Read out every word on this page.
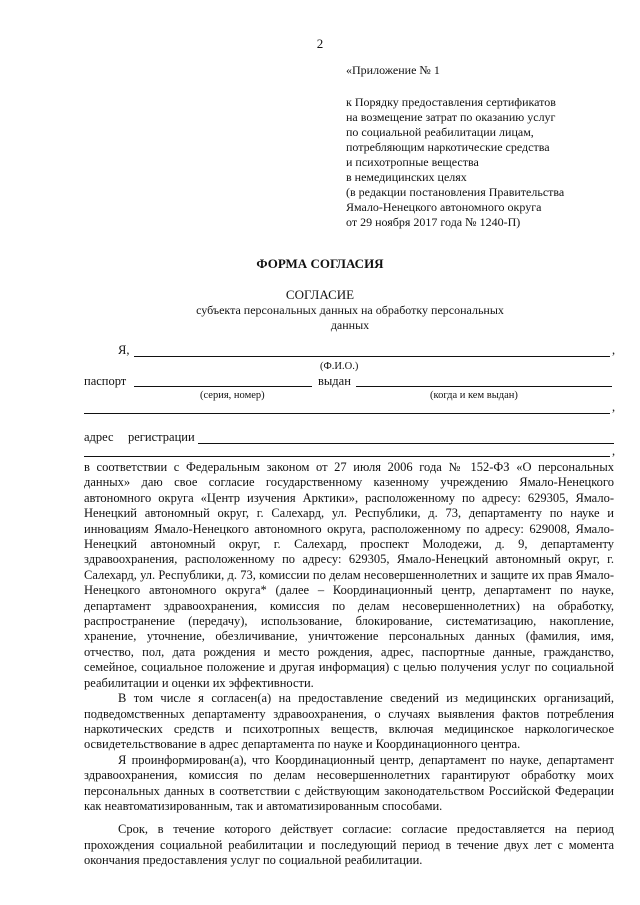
2
«Приложение № 1
к Порядку предоставления сертификатов
на возмещение затрат по оказанию услуг
по социальной реабилитации лицам,
потребляющим наркотические средства
и психотропные вещества
в немедицинских целях
(в редакции постановления Правительства
Ямало-Ненецкого автономного округа
от 29 ноября 2017 года № 1240-П)
ФОРМА СОГЛАСИЯ
СОГЛАСИЕ
субъекта персональных данных на обработку персональных
данных
Я,	,
(Ф.И.О.)
паспорт	выдан
(серия, номер)	(когда и кем выдан)
,
адрес регистрации
,

в соответствии с Федеральным законом от 27 июля 2006 года № 152-ФЗ «О персональных данных» даю свое согласие государственному казенному учреждению Ямало-Ненецкого автономного округа «Центр изучения Арктики», расположенному по адресу: 629305, Ямало-Ненецкий автономный округ, г. Салехард, ул. Республики, д. 73, департаменту по науке и инновациям Ямало-Ненецкого автономного округа, расположенному по адресу: 629008, Ямало-Ненецкий автономный округ, г. Салехард, проспект Молодежи, д. 9, департаменту здравоохранения, расположенному по адресу: 629305, Ямало-Ненецкий автономный округ, г. Салехард, ул. Республики, д. 73, комиссии по делам несовершеннолетних и защите их прав Ямало-Ненецкого автономного округа* (далее – Координационный центр, департамент по науке, департамент здравоохранения, комиссия по делам несовершеннолетних) на обработку, распространение (передачу), использование, блокирование, систематизацию, накопление, хранение, уточнение, обезличивание, уничтожение персональных данных (фамилия, имя, отчество, пол, дата рождения и место рождения, адрес, паспортные данные, гражданство, семейное, социальное положение и другая информация) с целью получения услуг по социальной реабилитации и оценки их эффективности.

В том числе я согласен(а) на предоставление сведений из медицинских организаций, подведомственных департаменту здравоохранения, о случаях выявления фактов потребления наркотических средств и психотропных веществ, включая медицинское наркологическое освидетельствование в адрес департамента по науке и Координационного центра.

Я проинформирован(а), что Координационный центр, департамент по науке, департамент здравоохранения, комиссия по делам несовершеннолетних гарантируют обработку моих персональных данных в соответствии с действующим законодательством Российской Федерации как неавтоматизированным, так и автоматизированным способами.

Срок, в течение которого действует согласие: согласие предоставляется на период прохождения социальной реабилитации и последующий период в течение двух лет с момента окончания предоставления услуг по социальной реабилитации.
